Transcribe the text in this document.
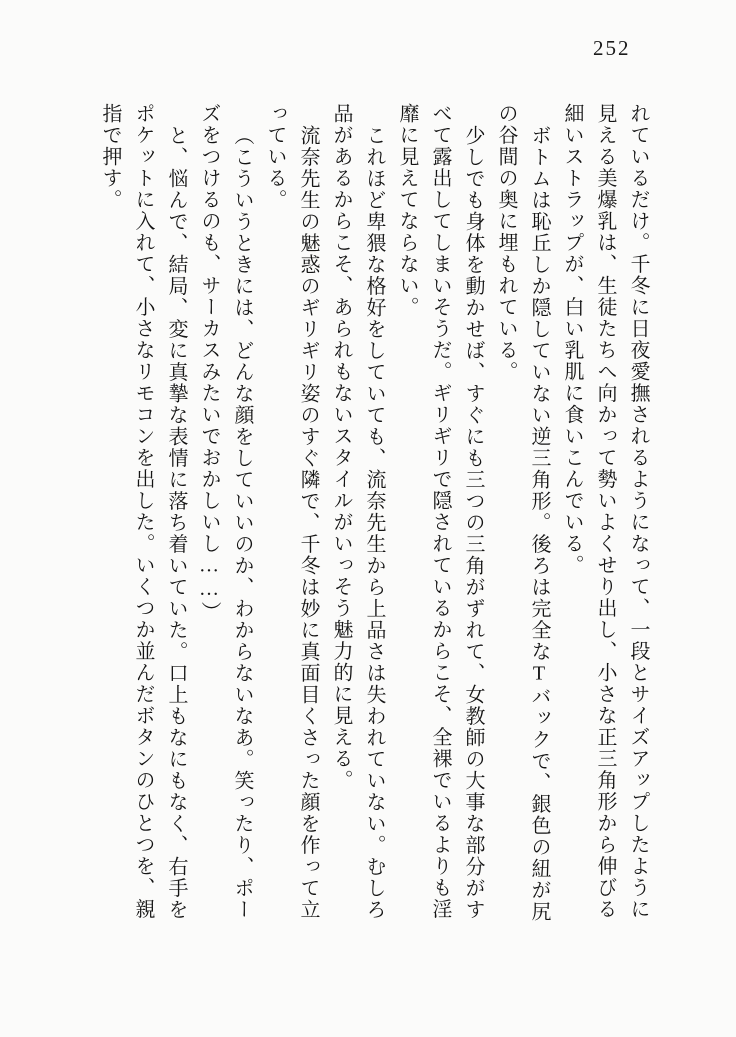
252

れているだけ。千冬に日夜愛撫されるようになって、一段とサイズアップしたように見える美爆乳は、生徒たちへ向かって勢いよくせり出し、小さな正三角形から伸びる細いストラップが、白い乳肌に食いこんでいる。

ボトムは恥丘しか隠していない逆三角形。後ろは完全なTバックで、銀色の紐が尻の谷間の奥に埋もれている。

少しでも身体を動かせば、すぐにも三つの三角がずれて、女教師の大事な部分がすべて露出してしまいそうだ。ギリギリで隠されているからこそ、全裸でいるよりも淫靡に見えてならない。

これほど卑猥な格好をしていても、流奈先生から上品さは失われていない。むしろ品があるからこそ、あられもないスタイルがいっそう魅力的に見える。

流奈先生の魅惑のギリギリ姿のすぐ隣で、千冬は妙に真面目くさった顔を作って立っている。

（こういうときには、どんな顔をしていいのか、わからないなあ。笑ったり、ポーズをつけるのも、サーカスみたいでおかしいし……）

と、悩んで、結局、変に真摯な表情に落ち着いていた。口上もなにもなく、右手をポケットに入れて、小さなリモコンを出した。いくつか並んだボタンのひとつを、親指で押す。
